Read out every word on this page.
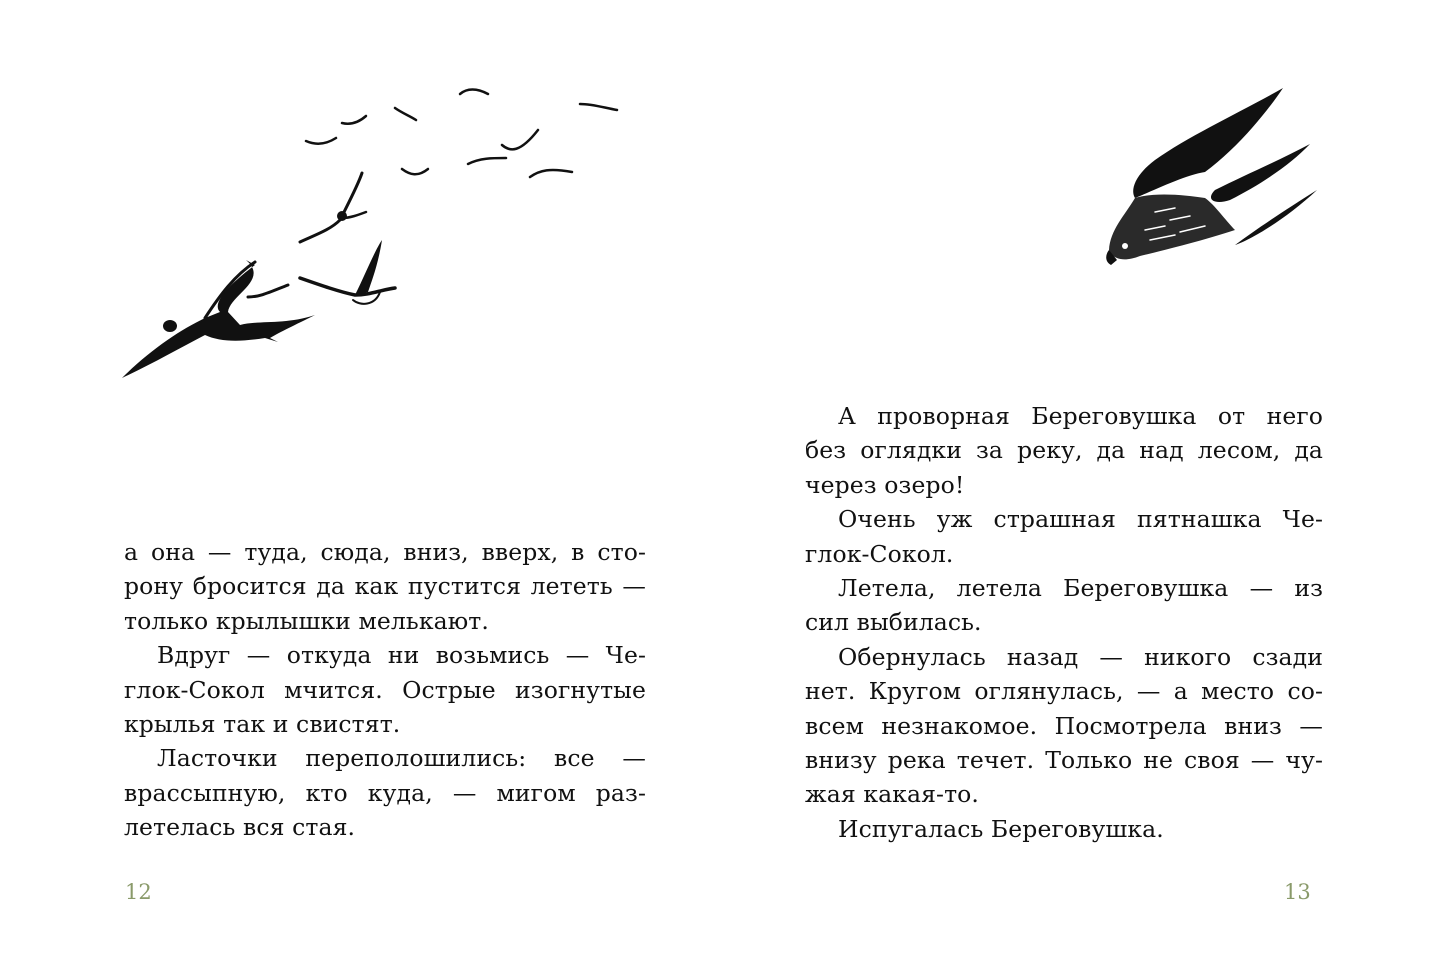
а она — туда, сюда, вниз, вверх, в сто-
рону бросится да как пустится лететь —
только крылышки мелькают.
Вдруг — откуда ни возьмись — Че-
глок-Сокол мчится. Острые изогнутые
крылья так и свистят.
Ласточки переполошились: все —
врассыпную, кто куда, — мигом раз-
летелась вся стая.
12
А проворная Береговушка от него
без оглядки за реку, да над лесом, да
через озеро!
Очень уж страшная пятнашка Че-
глок-Сокол.
Летела, летела Береговушка — из
сил выбилась.
Обернулась назад — никого сзади
нет. Кругом оглянулась, — а место со-
всем незнакомое. Посмотрела вниз —
внизу река течет. Только не своя — чу-
жая какая-то.
Испугалась Береговушка.
13
